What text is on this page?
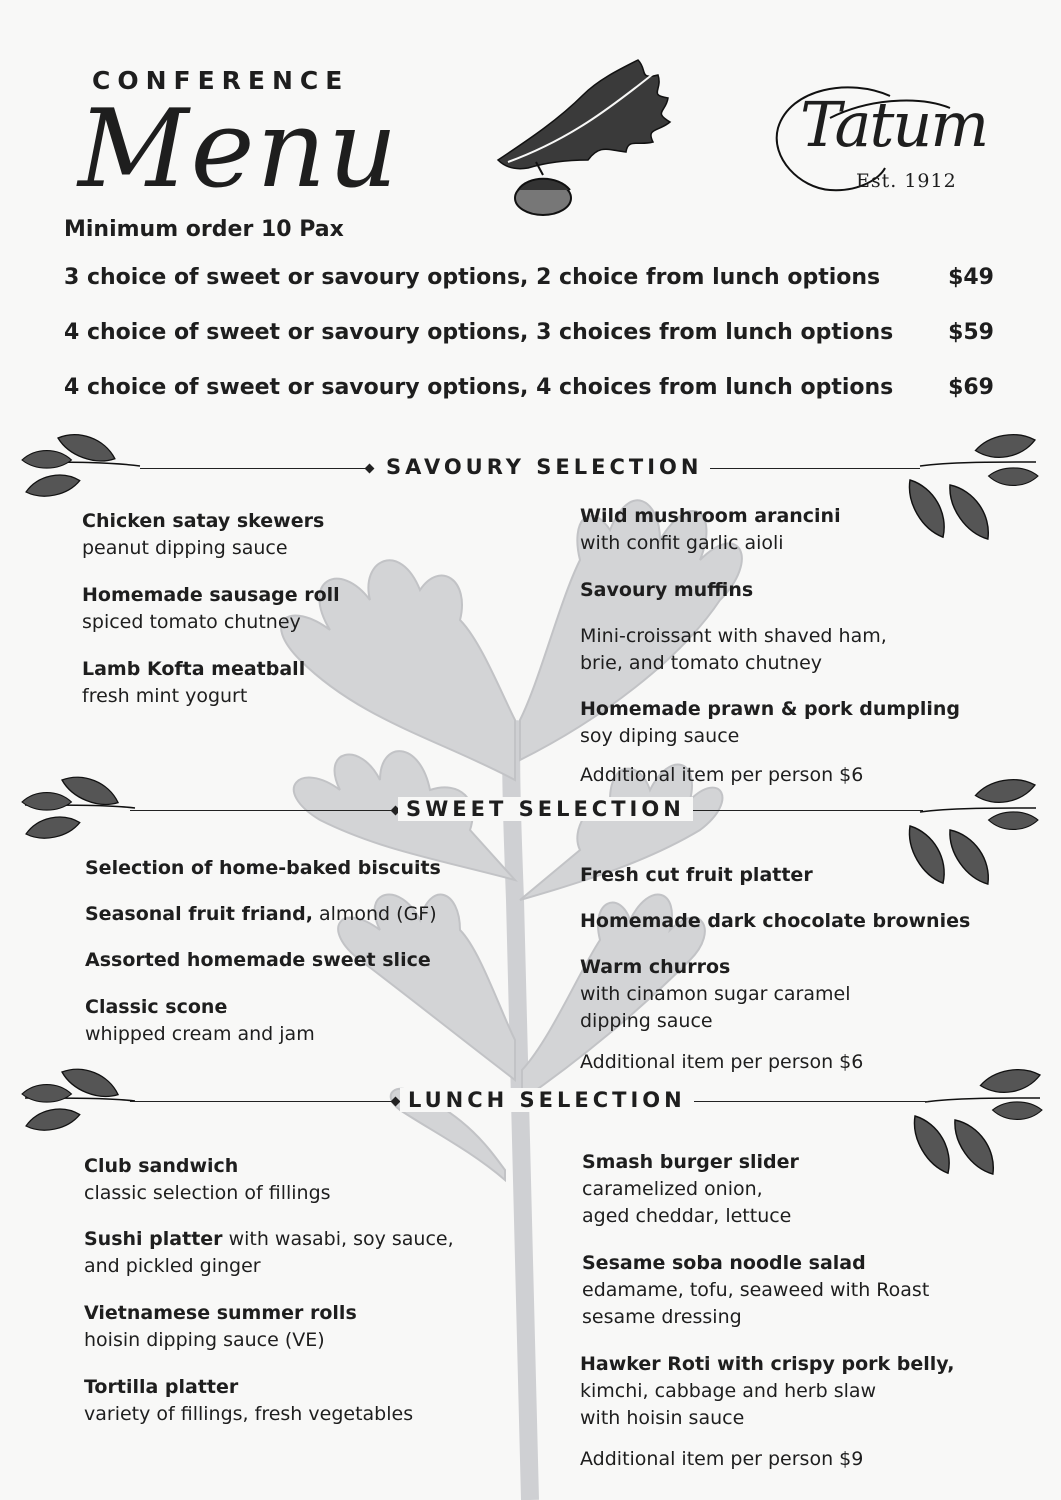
CONFERENCE
Menu	Tatum
Est. 1912
Minimum order 10 Pax
3 choice of sweet or savoury options, 2 choice from lunch options	$49
4 choice of sweet or savoury options, 3 choices from lunch options $59
4 choice of sweet or savoury options, 4 choices from lunch options $69
SAVOURY SELECTION
SWEET SELECTION
LUNCH SELECTION
Chicken satay skewers
peanut dipping sauce
Homemade sausage roll
spiced tomato chutney
Lamb Kofta meatball
fresh mint yogurt
Wild mushroom arancini
with confit garlic aioli
Savoury muffins
Mini-croissant with shaved ham,
brie, and tomato chutney
Homemade prawn & pork dumpling
soy diping sauce
Additional item per person $6
Selection of home-baked biscuits
Seasonal fruit friand, almond (GF)
Assorted homemade sweet slice
Classic scone
whipped cream and jam
Fresh cut fruit platter
Homemade dark chocolate brownies
Warm churros
with cinamon sugar caramel
dipping sauce
Additional item per person $6
Club sandwich
classic selection of fillings
Sushi platter with wasabi, soy sauce,
and pickled ginger
Vietnamese summer rolls
hoisin dipping sauce (VE)
Tortilla platter
variety of fillings, fresh vegetables
Smash burger slider
caramelized onion,
aged cheddar, lettuce
Sesame soba noodle salad
edamame, tofu, seaweed with Roast
sesame dressing
Hawker Roti with crispy pork belly,
kimchi, cabbage and herb slaw
with hoisin sauce
Additional item per person $9
